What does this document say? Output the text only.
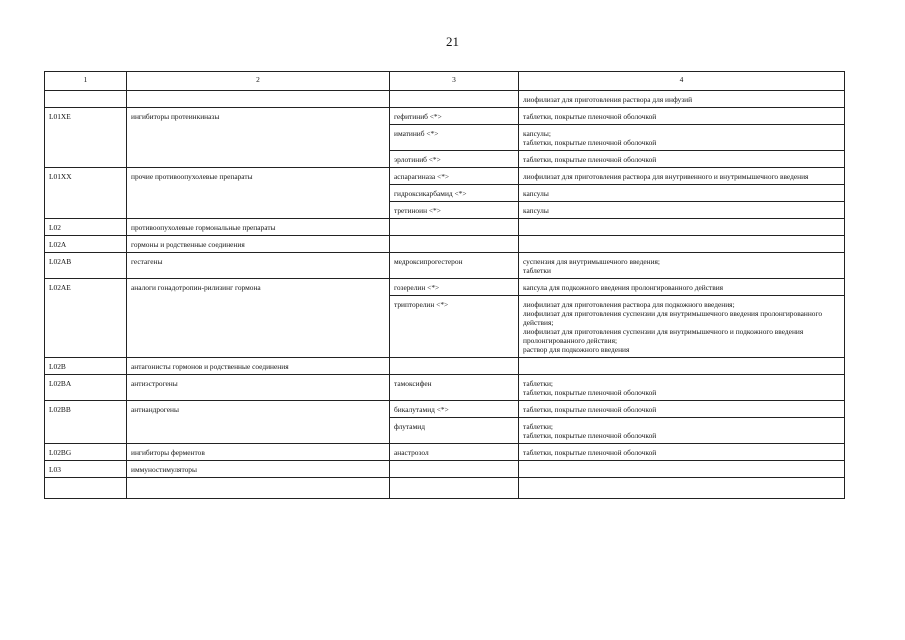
21
1	2	3	4
			лиофилизат для приготовления раствора для инфузий
L01XE	ингибиторы протеинкиназы	гефитиниб <*>	таблетки, покрытые пленочной оболочкой
		иматиниб <*>	капсулы;
таблетки, покрытые пленочной оболочкой
		эрлотиниб <*>	таблетки, покрытые пленочной оболочкой
L01XX	прочие противоопухолевые препараты	аспарагиназа <*>	лиофилизат для приготовления раствора для внутривенного и внутримышечного введения
		гидроксикарбамид <*>	капсулы
		третиноин <*>	капсулы
L02	противоопухолевые гормональные препараты		
L02A	гормоны и родственные соединения		
L02AB	гестагены	медроксипрогестерон	суспензия для внутримышечного введения;
таблетки
L02AE	аналоги гонадотропин-рилизинг гормона	гозерелин <*>	капсула для подкожного введения пролонгированного действия
		трипторелин <*>	лиофилизат для приготовления раствора для подкожного введения;
лиофилизат для приготовления суспензии для внутримышечного введения пролонгированного действия;
лиофилизат для приготовления суспензии для внутримышечного и подкожного введения пролонгированного действия;
раствор для подкожного введения
L02B	антагонисты гормонов и родственные соединения		
L02BA	антиэстрогены	тамоксифен	таблетки;
таблетки, покрытые пленочной оболочкой
L02BB	антиандрогены	бикалутамид <*>	таблетки, покрытые пленочной оболочкой
		флутамид	таблетки;
таблетки, покрытые пленочной оболочкой
L02BG	ингибиторы ферментов	анастрозол	таблетки, покрытые пленочной оболочкой
L03	иммуностимуляторы		
